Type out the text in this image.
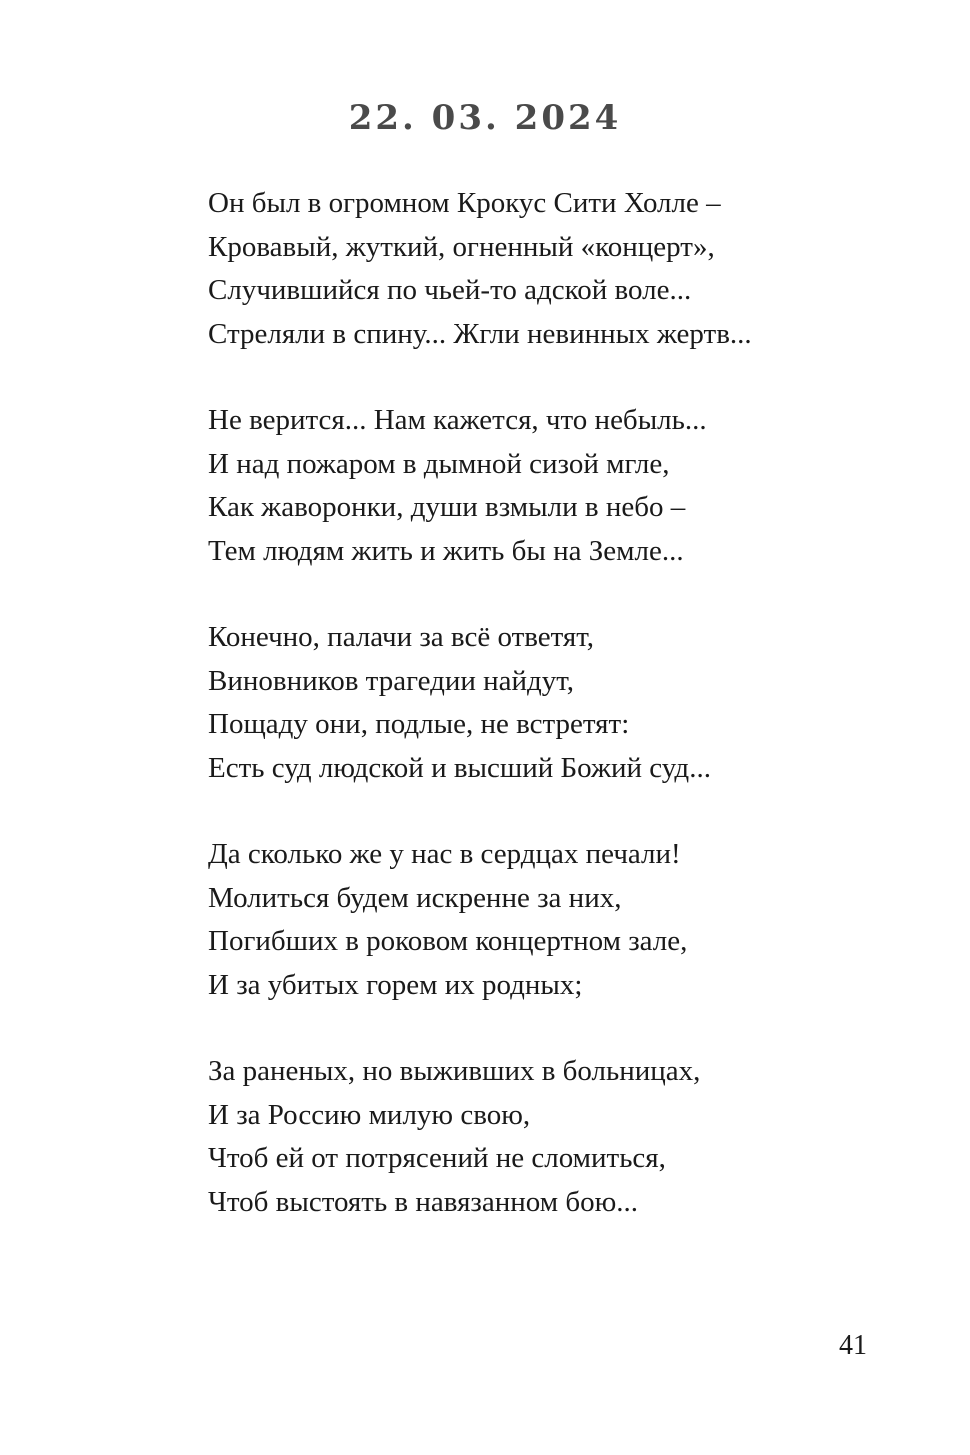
22. 03. 2024
Он был в огромном Крокус Сити Холле –
Кровавый, жуткий, огненный «концерт»,
Случившийся по чьей-то адской воле...
Стреляли в спину... Жгли невинных жертв...
Не верится... Нам кажется, что небыль...
И над пожаром в дымной сизой мгле,
Как жаворонки, души взмыли в небо –
Тем людям жить и жить бы на Земле...
Конечно, палачи за всё ответят,
Виновников трагедии найдут,
Пощаду они, подлые, не встретят:
Есть суд людской и высший Божий суд...
Да сколько же у нас в сердцах печали!
Молиться будем искренне за них,
Погибших в роковом концертном зале,
И за убитых горем их родных;
За раненых, но выживших в больницах,
И за Россию милую свою,
Чтоб ей от потрясений не сломиться,
Чтоб выстоять в навязанном бою...
41
